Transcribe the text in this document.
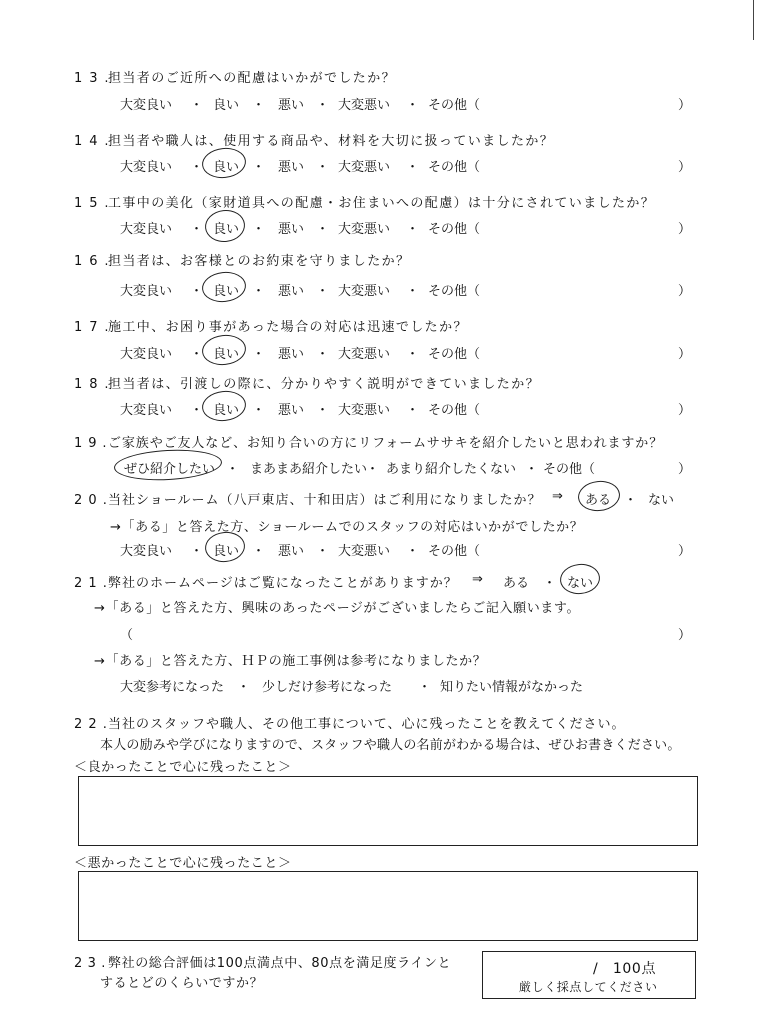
1 3 .担当者のご近所への配慮はいかがでしたか？
大変良い ・ 良い ・ 悪い ・ 大変悪い ・ その他（	）
1 4 .担当者や職人は、使用する商品や、材料を大切に扱っていましたか？
大変良い ・ 良い ・ 悪い ・ 大変悪い ・ その他（	）
1 5 .工事中の美化（家財道具への配慮・お住まいへの配慮）は十分にされていましたか？
大変良い ・ 良い ・ 悪い ・ 大変悪い ・ その他（	）
1 6 .担当者は、お客様とのお約束を守りましたか？
大変良い ・ 良い ・ 悪い ・ 大変悪い ・ その他（	）
1 7 .施工中、お困り事があった場合の対応は迅速でしたか？
大変良い ・ 良い ・ 悪い ・ 大変悪い ・ その他（	）
1 8 .担当者は、引渡しの際に、分かりやすく説明ができていましたか？
大変良い ・ 良い ・ 悪い ・ 大変悪い ・ その他（	）
1 9 .ご家族やご友人など、お知り合いの方にリフォームササキを紹介したいと思われますか？
ぜひ紹介したい ・ まあまあ紹介したい
・ あまり紹介したくない ・ その他（	）
2 0 .当社ショールーム（八戸東店、十和田店）はご利用になりましたか？ ⇒ ある ・ ない
→「ある」と答えた方、ショールームでのスタッフの対応はいかがでしたか？
大変良い ・ 良い ・ 悪い ・ 大変悪い ・ その他（	）
2 1 .弊社のホームページはご覧になったことがありますか？ ⇒ ある ・ ない
→「ある」と答えた方、興味のあったページがございましたらご記入願います。
（	）
→「ある」と答えた方、ＨＰの施工事例は参考になりましたか？
大変参考になった ・ 少しだけ参考になった ・ 知りたい情報がなかった
2 2 .当社のスタッフや職人、その他工事について、心に残ったことを教えてください。
本人の励みや学びになりますので、スタッフや職人の名前がわかる場合は、ぜひお書きください。
＜良かったことで心に残ったこと＞
＜悪かったことで心に残ったこと＞
2 3 . 弊社の総合評価は100点満点中、80点を満足度ラインと
するとどのくらいですか？
/　100点
厳しく採点してください
